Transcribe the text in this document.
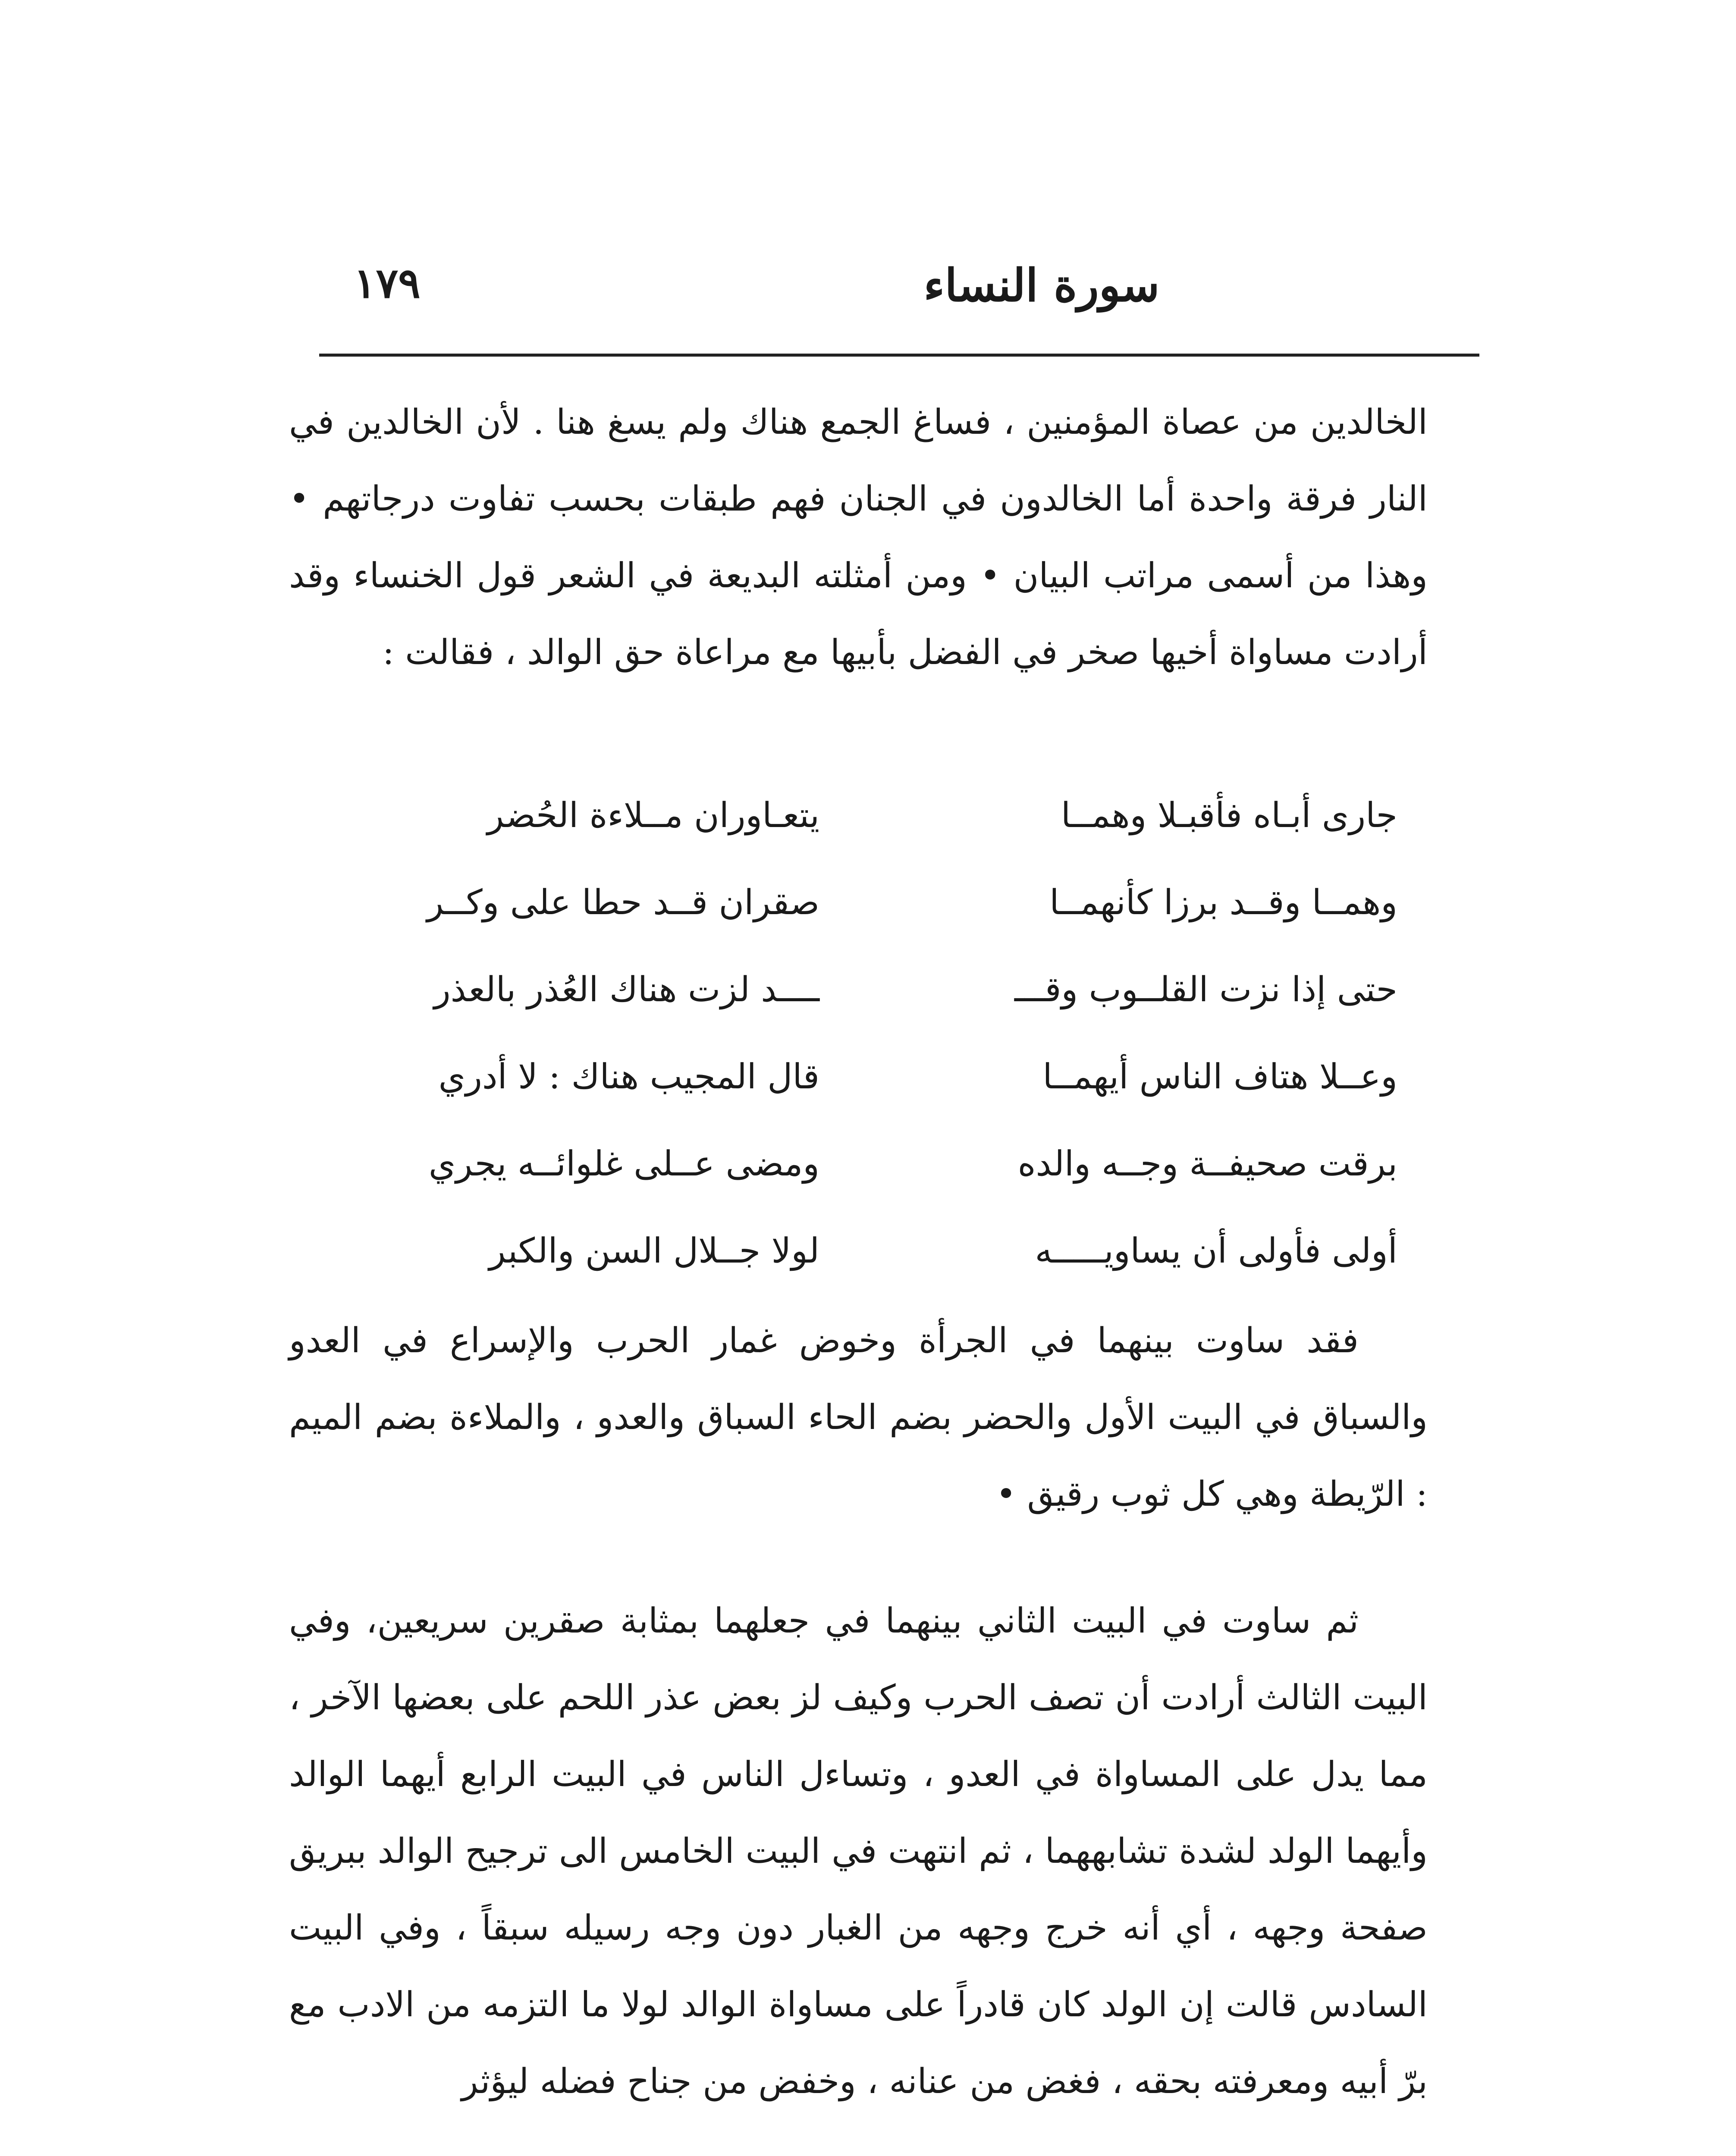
١٧٩	سورة النساء

الخالدين من عصاة المؤمنين ، فساغ الجمع هناك ولم يسغ هنا . لأن الخالدين في النار فرقة واحدة أما الخالدون في الجنان فهم طبقات بحسب تفاوت درجاتهم • وهذا من أسمى مراتب البيان • ومن أمثلته البديعة في الشعر قول الخنساء وقد أرادت مساواة أخيها صخر في الفضل بأبيها مع مراعاة حق الوالد ، فقالت :

جارى أبـاه فأقبـلا وهمــا
يتعـاوران مــلاءة الحُضر
وهمــا وقــد برزا كأنهمــا
صقران قــد حطا على وكــر
حتى إذا نزت القلــوب وقـــ
ــــد لزت هناك العُذر بالعذر
وعــلا هتاف الناس أيهمــا
قال المجيب هناك : لا أدري
برقت صحيفــة وجــه والده
ومضى عــلى غلوائــه يجري
أولى فأولى أن يساويـــــه
لولا جــلال السن والكبر

فقد ساوت بينهما في الجرأة وخوض غمار الحرب والإسراع في العدو والسباق في البيت الأول والحضر بضم الحاء السباق والعدو ، والملاءة بضم الميم : الرّيطة وهي كل ثوب رقيق •

ثم ساوت في البيت الثاني بينهما في جعلهما بمثابة صقرين سريعين، وفي البيت الثالث أرادت أن تصف الحرب وكيف لز بعض عذر اللحم على بعضها الآخر ، مما يدل على المساواة في العدو ، وتساءل الناس في البيت الرابع أيهما الوالد وأيهما الولد لشدة تشابههما ، ثم انتهت في البيت الخامس الى ترجيح الوالد ببريق صفحة وجهه ، أي أنه خرج وجهه من الغبار دون وجه رسيله سبقاً ، وفي البيت السادس قالت إن الولد كان قادراً على مساواة الوالد لولا ما التزمه من الادب مع برّ أبيه ومعرفته بحقه ، فغض من عنانه ، وخفض من جناح فضله ليؤثر
